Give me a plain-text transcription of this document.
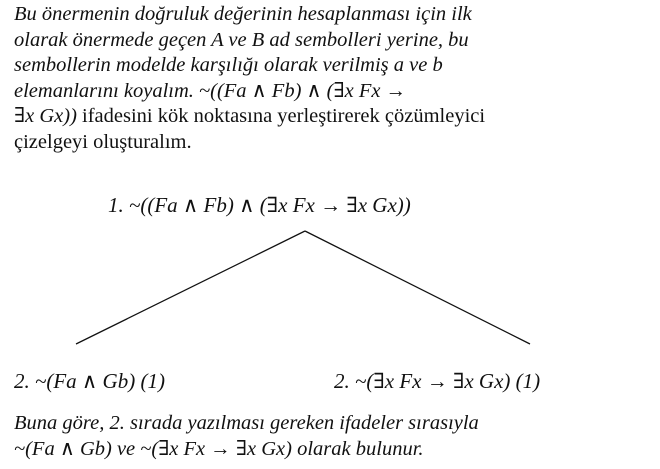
Bu önermenin doğruluk değerinin hesaplanması için ilk
olarak önermede geçen A ve B ad sembolleri yerine, bu
sembollerin modelde karşılığı olarak verilmiş a ve b
elemanlarını koyalım. ~((Fa ∧ Fb) ∧ (∃x Fx →
∃x Gx)) ifadesini kök noktasına yerleştirerek çözümleyici
çizelgeyi oluşturalım.
1. ~((Fa ∧ Fb) ∧ (∃x Fx → ∃x Gx))
2. ~(Fa ∧ Gb) (1)	2. ~(∃x Fx → ∃x Gx) (1)
Buna göre, 2. sırada yazılması gereken ifadeler sırasıyla
~(Fa ∧ Gb) ve ~(∃x Fx → ∃x Gx) olarak bulunur.
